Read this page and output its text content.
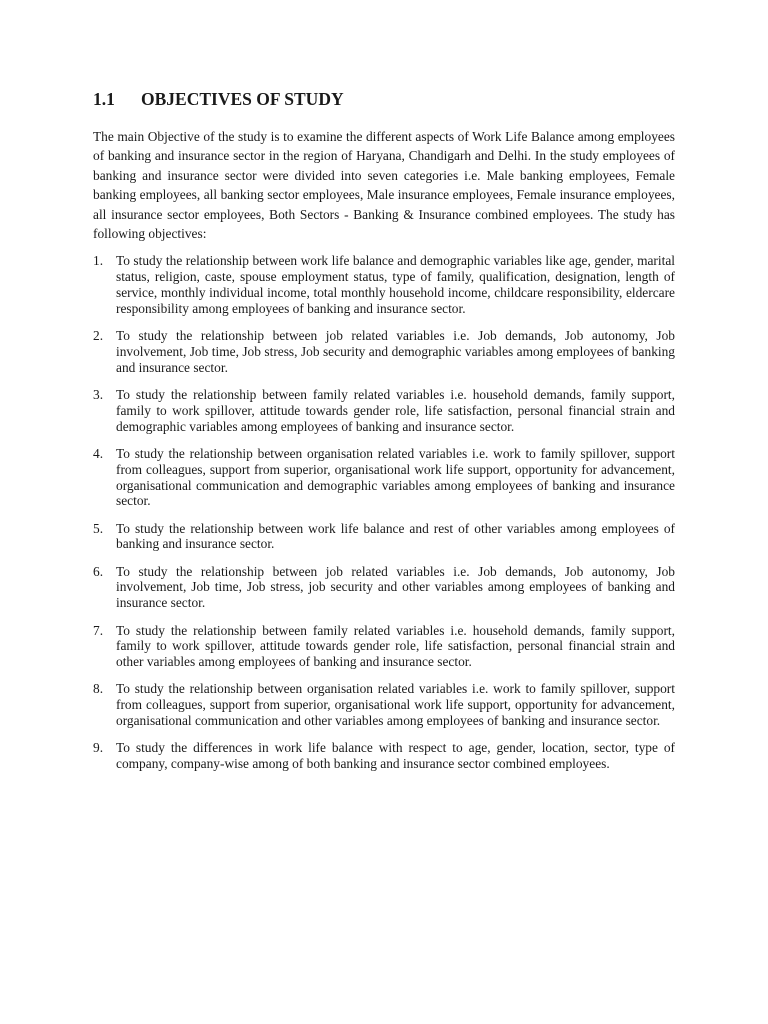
1.1	OBJECTIVES OF STUDY

The main Objective of the study is to examine the different aspects of Work Life Balance among employees of banking and insurance sector in the region of Haryana, Chandigarh and Delhi. In the study employees of banking and insurance sector were divided into seven categories i.e. Male banking employees, Female banking employees, all banking sector employees, Male insurance employees, Female insurance employees, all insurance sector employees, Both Sectors - Banking & Insurance combined employees. The study has following objectives:

1. To study the relationship between work life balance and demographic variables like age, gender, marital status, religion, caste, spouse employment status, type of family, qualification, designation, length of service, monthly individual income, total monthly household income, childcare responsibility, eldercare responsibility among employees of banking and insurance sector.
2. To study the relationship between job related variables i.e. Job demands, Job autonomy, Job involvement, Job time, Job stress, Job security and demographic variables among employees of banking and insurance sector.
3. To study the relationship between family related variables i.e. household demands, family support, family to work spillover, attitude towards gender role, life satisfaction, personal financial strain and demographic variables among employees of banking and insurance sector.
4. To study the relationship between organisation related variables i.e. work to family spillover, support from colleagues, support from superior, organisational work life support, opportunity for advancement, organisational communication and demographic variables among employees of banking and insurance sector.
5. To study the relationship between work life balance and rest of other variables among employees of banking and insurance sector.
6. To study the relationship between job related variables i.e. Job demands, Job autonomy, Job involvement, Job time, Job stress, job security and other variables among employees of banking and insurance sector.
7. To study the relationship between family related variables i.e. household demands, family support, family to work spillover, attitude towards gender role, life satisfaction, personal financial strain and other variables among employees of banking and insurance sector.
8. To study the relationship between organisation related variables i.e. work to family spillover, support from colleagues, support from superior, organisational work life support, opportunity for advancement, organisational communication and other variables among employees of banking and insurance sector.
9. To study the differences in work life balance with respect to age, gender, location, sector, type of company, company-wise among of both banking and insurance sector combined employees.
